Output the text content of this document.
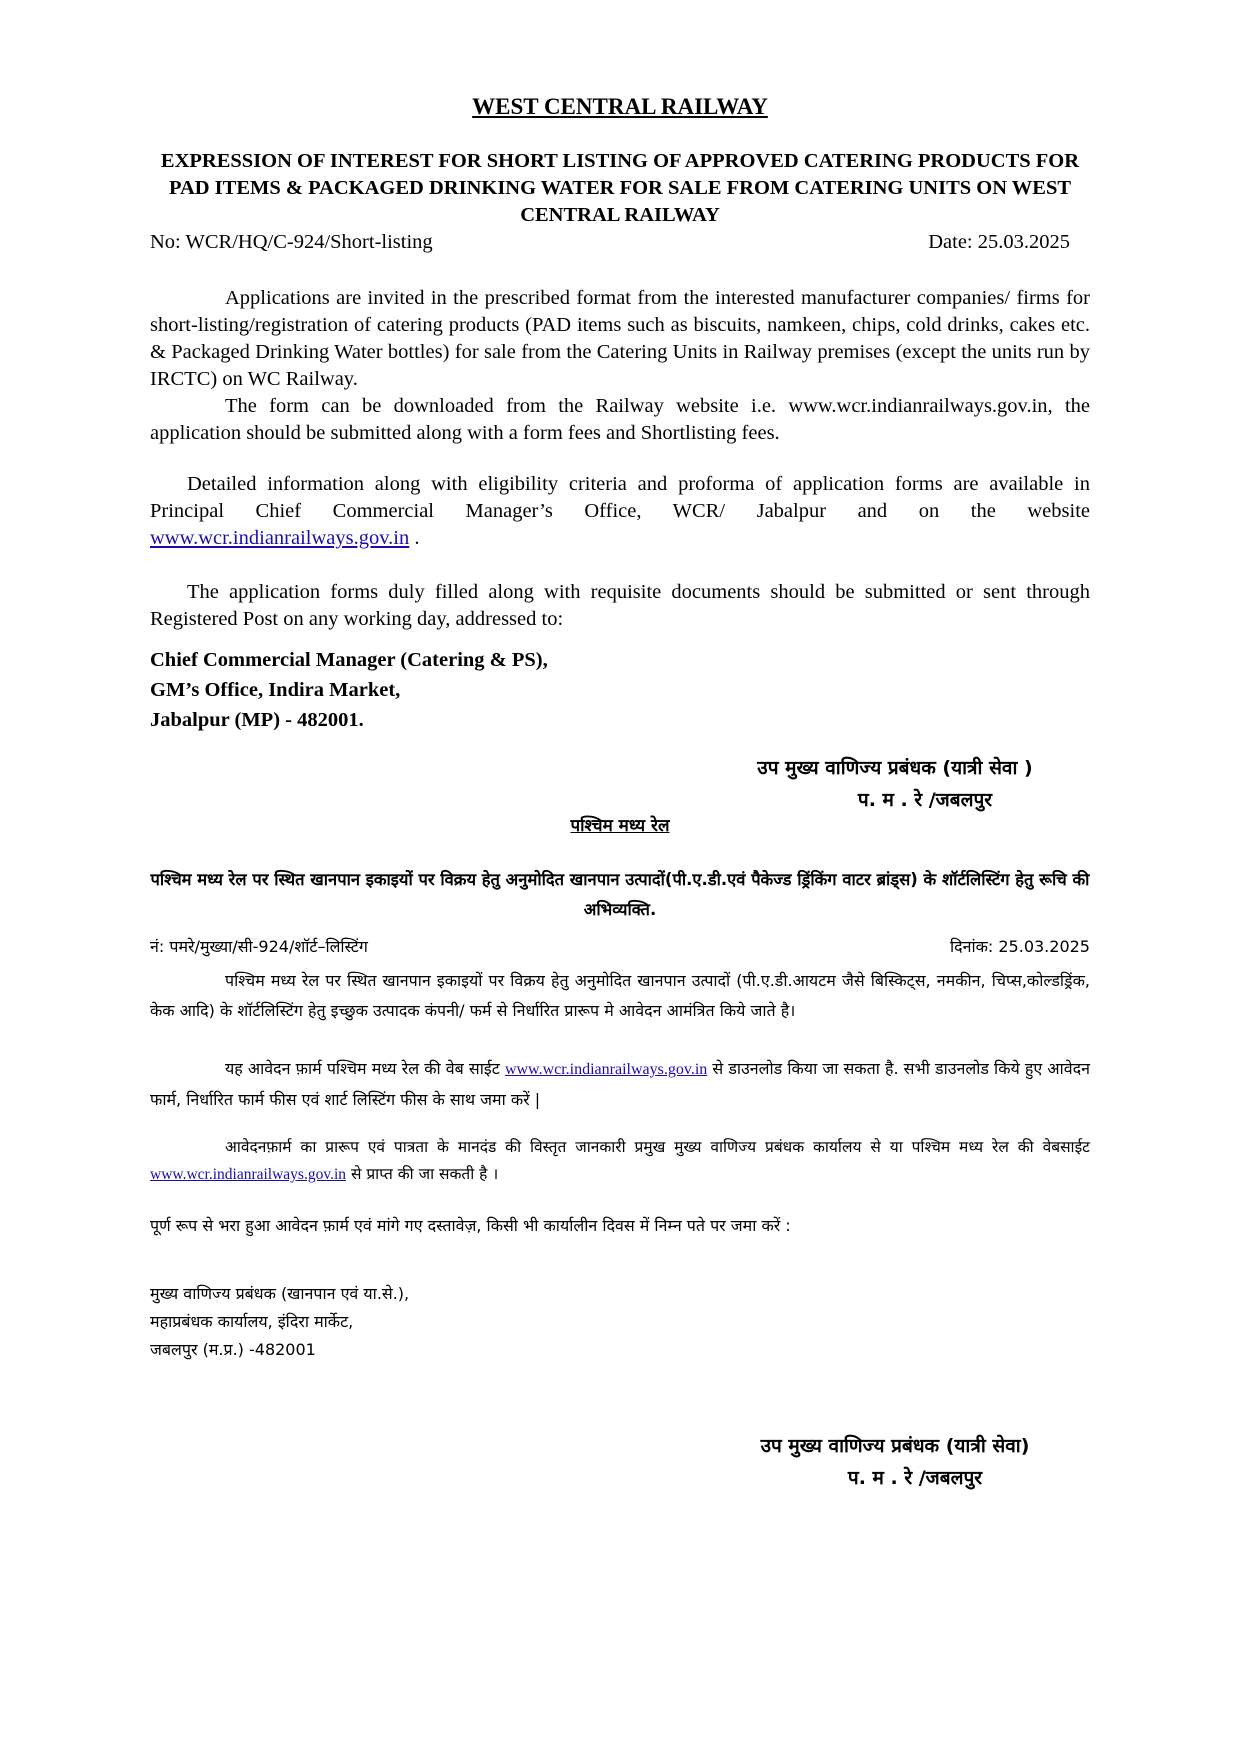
WEST CENTRAL RAILWAY
EXPRESSION OF INTEREST FOR SHORT LISTING OF APPROVED CATERING PRODUCTS FOR PAD ITEMS & PACKAGED DRINKING WATER FOR SALE FROM CATERING UNITS ON WEST CENTRAL RAILWAY
No: WCR/HQ/C-924/Short-listing	Date: 25.03.2025

Applications are invited in the prescribed format from the interested manufacturer companies/ firms for short-listing/registration of catering products (PAD items such as biscuits, namkeen, chips, cold drinks, cakes etc. & Packaged Drinking Water bottles) for sale from the Catering Units in Railway premises (except the units run by IRCTC) on WC Railway.

The form can be downloaded from the Railway website i.e. www.wcr.indianrailways.gov.in, the application should be submitted along with a form fees and Shortlisting fees.

Detailed information along with eligibility criteria and proforma of application forms are available in Principal Chief Commercial Manager’s Office, WCR/ Jabalpur and on the website www.wcr.indianrailways.gov.in .

The application forms duly filled along with requisite documents should be submitted or sent through Registered Post on any working day, addressed to:

Chief Commercial Manager (Catering & PS),
GM’s Office, Indira Market,
Jabalpur (MP) - 482001.
उप मुख्य वाणिज्य प्रबंधक (यात्री सेवा )
प. म . रे /जबलपुर
पश्चिम मध्य रेल
पश्चिम मध्य रेल पर स्थित खानपान इकाइयों पर विक्रय हेतु अनुमोदित खानपान उत्पादों(पी.ए.डी.एवं पैकेज्ड ड्रिंकिंग वाटर ब्रांड्स) के शॉर्टलिस्टिंग हेतु रूचि की अभिव्यक्ति.
नं: पमरे/मुख्या/सी-924/शॉर्ट–लिस्टिंग	दिनांक: 25.03.2025

पश्चिम मध्य रेल पर स्थित खानपान इकाइयों पर विक्रय हेतु अनुमोदित खानपान उत्पादों (पी.ए.डी.आयटम जैसे बिस्किट्स, नमकीन, चिप्स,कोल्डड्रिंक, केक आदि) के शॉर्टलिस्टिंग हेतु इच्छुक उत्पादक कंपनी/ फर्म से निर्धारित प्रारूप मे आवेदन आमंत्रित किये जाते है।

यह आवेदन फ़ार्म पश्चिम मध्य रेल की वेब साईट www.wcr.indianrailways.gov.in से डाउनलोड किया जा सकता है. सभी डाउनलोड किये हुए आवेदन फार्म, निर्धारित फार्म फीस एवं शार्ट लिस्टिंग फीस के साथ जमा करें |

आवेदनफ़ार्म का प्रारूप एवं पात्रता के मानदंड की विस्तृत जानकारी प्रमुख मुख्य वाणिज्य प्रबंधक कार्यालय से या पश्चिम मध्य रेल की वेबसाईट www.wcr.indianrailways.gov.in से प्राप्त की जा सकती है ।

पूर्ण रूप से भरा हुआ आवेदन फ़ार्म एवं मांगे गए दस्तावेज़, किसी भी कार्यालीन दिवस में निम्न पते पर जमा करें :
मुख्य वाणिज्य प्रबंधक (खानपान एवं या.से.),
महाप्रबंधक कार्यालय, इंदिरा मार्केट,
जबलपुर (म.प्र.) -482001
उप मुख्य वाणिज्य प्रबंधक (यात्री सेवा)
प. म . रे /जबलपुर
